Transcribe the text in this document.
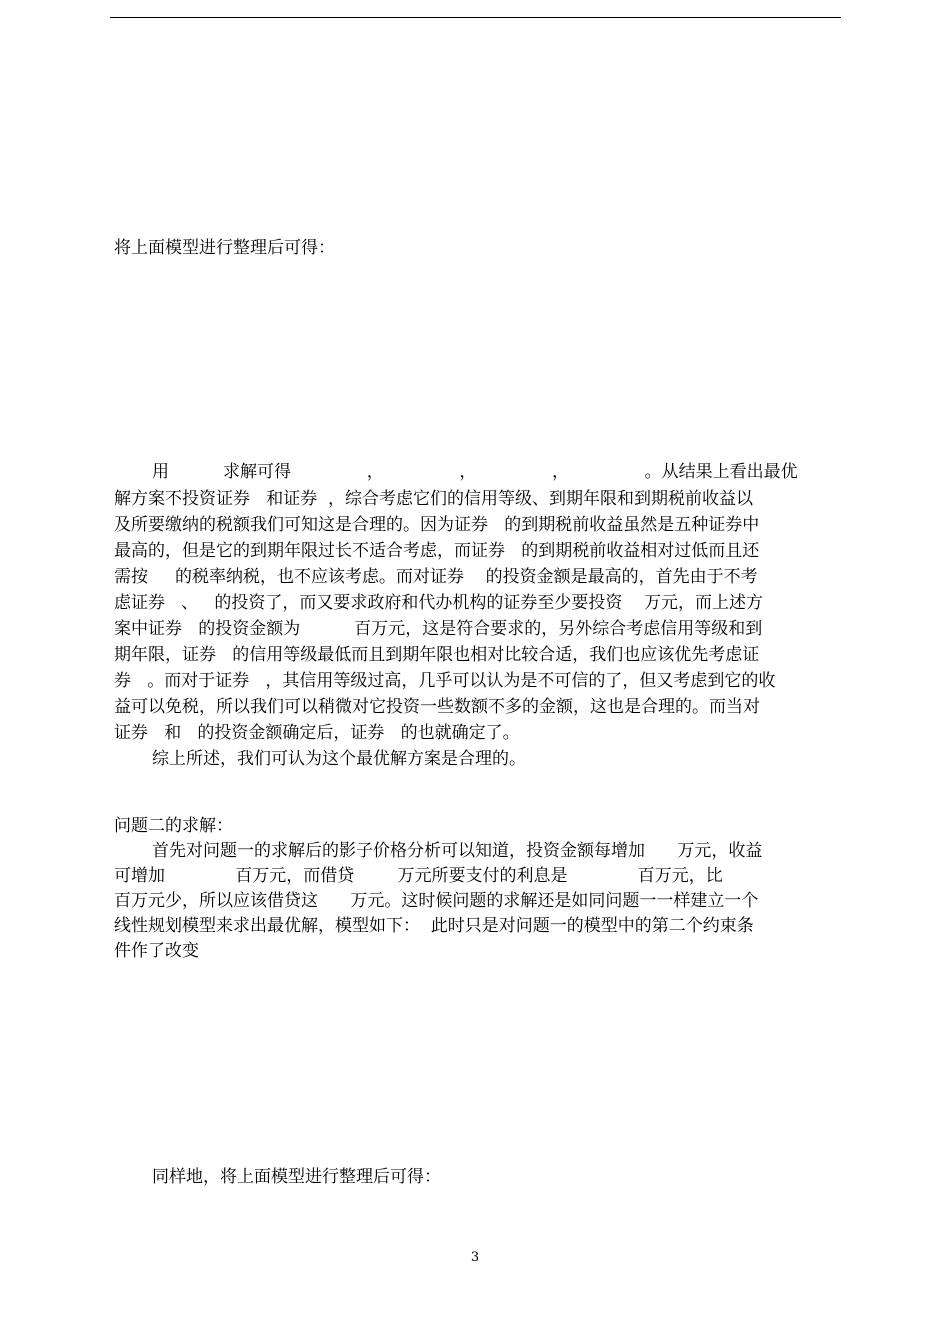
将上面模型进行整理后可得：
用          求解可得              ，              ，              ，              。从结果上看出最优
解方案不投资证券   和证券  ，综合考虑它们的信用等级、到期年限和到期税前收益以
及所要缴纳的税额我们可知这是合理的。因为证券   的到期税前收益虽然是五种证券中
最高的，但是它的到期年限过长不适合考虑，而证券   的到期税前收益相对过低而且还
需按     的税率纳税，也不应该考虑。而对证券    的投资金额是最高的，首先由于不考
虑证券   、   的投资了，而又要求政府和代办机构的证券至少要投资    万元，而上述方
案中证券   的投资金额为          百万元，这是符合要求的，另外综合考虑信用等级和到
期年限，证券   的信用等级最低而且到期年限也相对比较合适，我们也应该优先考虑证
券   。而对于证券   ，其信用等级过高，几乎可以认为是不可信的了，但又考虑到它的收
益可以免税，所以我们可以稍微对它投资一些数额不多的金额，这也是合理的。而当对
证券   和   的投资金额确定后，证券   的也就确定了。
综上所述，我们可认为这个最优解方案是合理的。
问题二的求解：
首先对问题一的求解后的影子价格分析可以知道，投资金额每增加      万元，收益
可增加             百万元，而借贷        万元所要支付的利息是             百万元，比
百万元少，所以应该借贷这      万元。这时候问题的求解还是如同问题一一样建立一个
线性规划模型来求出最优解，模型如下：  此时只是对问题一的模型中的第二个约束条
件作了改变
同样地，将上面模型进行整理后可得：
3
